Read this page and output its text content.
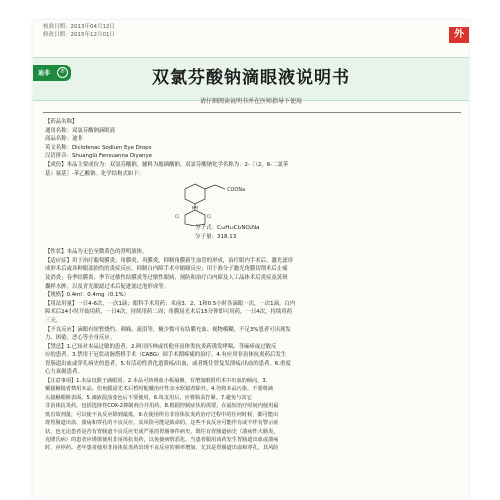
核准日期：2013年04月12日
修改日期：2015年12月01日	外
迪非	®	双氯芬酸钠滴眼液说明书
请仔细阅读说明书并在医师指导下使用
【药品名称】
通用名称：双氯芬酸钠滴眼液
商品名称：迪非
英文名称：Diclofenac Sodium Eye Drops
汉语拼音：Shuanglü Fensuanna Diyanye
【成份】本品主要成份为：双氯芬酸钠，辅料为玻璃酸钠。双氯芬酸钠化学名称为：2-［（2，6-二氯苯
基）氨基］-苯乙酸钠。化学结构式如下：
COONa
NH
Cl	Cl
分子式：C₁₄H₁₀Cl₂NO₂Na
分子量：318.13
【性状】本品为无色至微黄色的澄明液体。
【适应症】用于治疗葡萄膜炎、角膜炎、巩膜炎，抑制角膜新生血管的形成，治疗眼内手术后、激光滤帘
成形术后或各种眼部损伤的炎症反应，抑制白内障手术中缩瞳反应；用于准分子激光角膜切削术后止痛
及消炎；春季结膜炎、季节过敏性结膜炎等过敏性眼病，预防和治疗白内障及人工晶体术后炎症及黄斑
囊样水肿，以及青光眼滤过术后促进滤过泡形成等。
【规格】0.4ml：0.4mg（0.1%）
【用法用量】一日4-6次，一次1滴；眼科手术用药：术前3、2、1和0.5小时各滴眼一次，一次1滴。白内
障术后24小时开始用药，一日4次，持续用药二周；角膜屈光术后15分钟即可用药，一日4次，持续用药
三天。
【不良反应】滴眼有短暂烧灼、刺痛、流泪等，极少数可有结膜充血、视物模糊。不足3%患者可出现发
力、困倦、恶心等全身反应。
【禁忌】1.已知对本品过敏的患者。2.阿司匹林或其他非甾体类抗炎药诱发哮喘、荨麻疹或过敏反
应的患者。3.禁用于冠状动脉搭桥手术（CABG）围手术期疼痛的治疗。4.有应用非甾体抗炎药后发生
胃肠道出血或穿孔病史的患者。5.有活动性消化道溃疡/出血，或者既往曾复发溃疡/出血的患者。6.重度
心力衰竭患者。
【注意事项】1.本品仅限于滴眼用。2.本品可妨碍血小板凝聚，有增加眼组织术中出血的倾向。3.
戴接触镜者禁用本品。但角膜屈光术后暂时配戴治疗性亲水软镜者除外。4.勿将本品污染。不要将滴
头接触眼睑表面。5.滴液混浊变色后不要使用。6.每支用后，应将瓶盖拧紧。7.避免与其它
非甾体抗炎药，包括选择性COX-2抑制剂合并用药。8.根据控制症状的需要，在最短治疗时间内使用最
低有效剂量，可以使不良反应降到最低。9.在使用所有非甾体抗炎药治疗过程中的任何时候，都可能出
现胃肠道出血、溃疡和穿孔的不良反应，其风险可能是致命的。这些不良反应可能伴有或不伴有警示症
状，也无论患者是否有胃肠道不良反应史或严重的胃肠事件病史。既往有胃肠道病史（溃疡性大肠炎，
克隆氏病）的患者应谨慎使用非甾体抗炎药，以免使病情恶化。当患者服用该药发生胃肠道出血或溃疡
时，应停药。老年患者使用非甾体抗炎药出现不良反应的频率增加，尤其是胃肠道出血和穿孔，其风险
